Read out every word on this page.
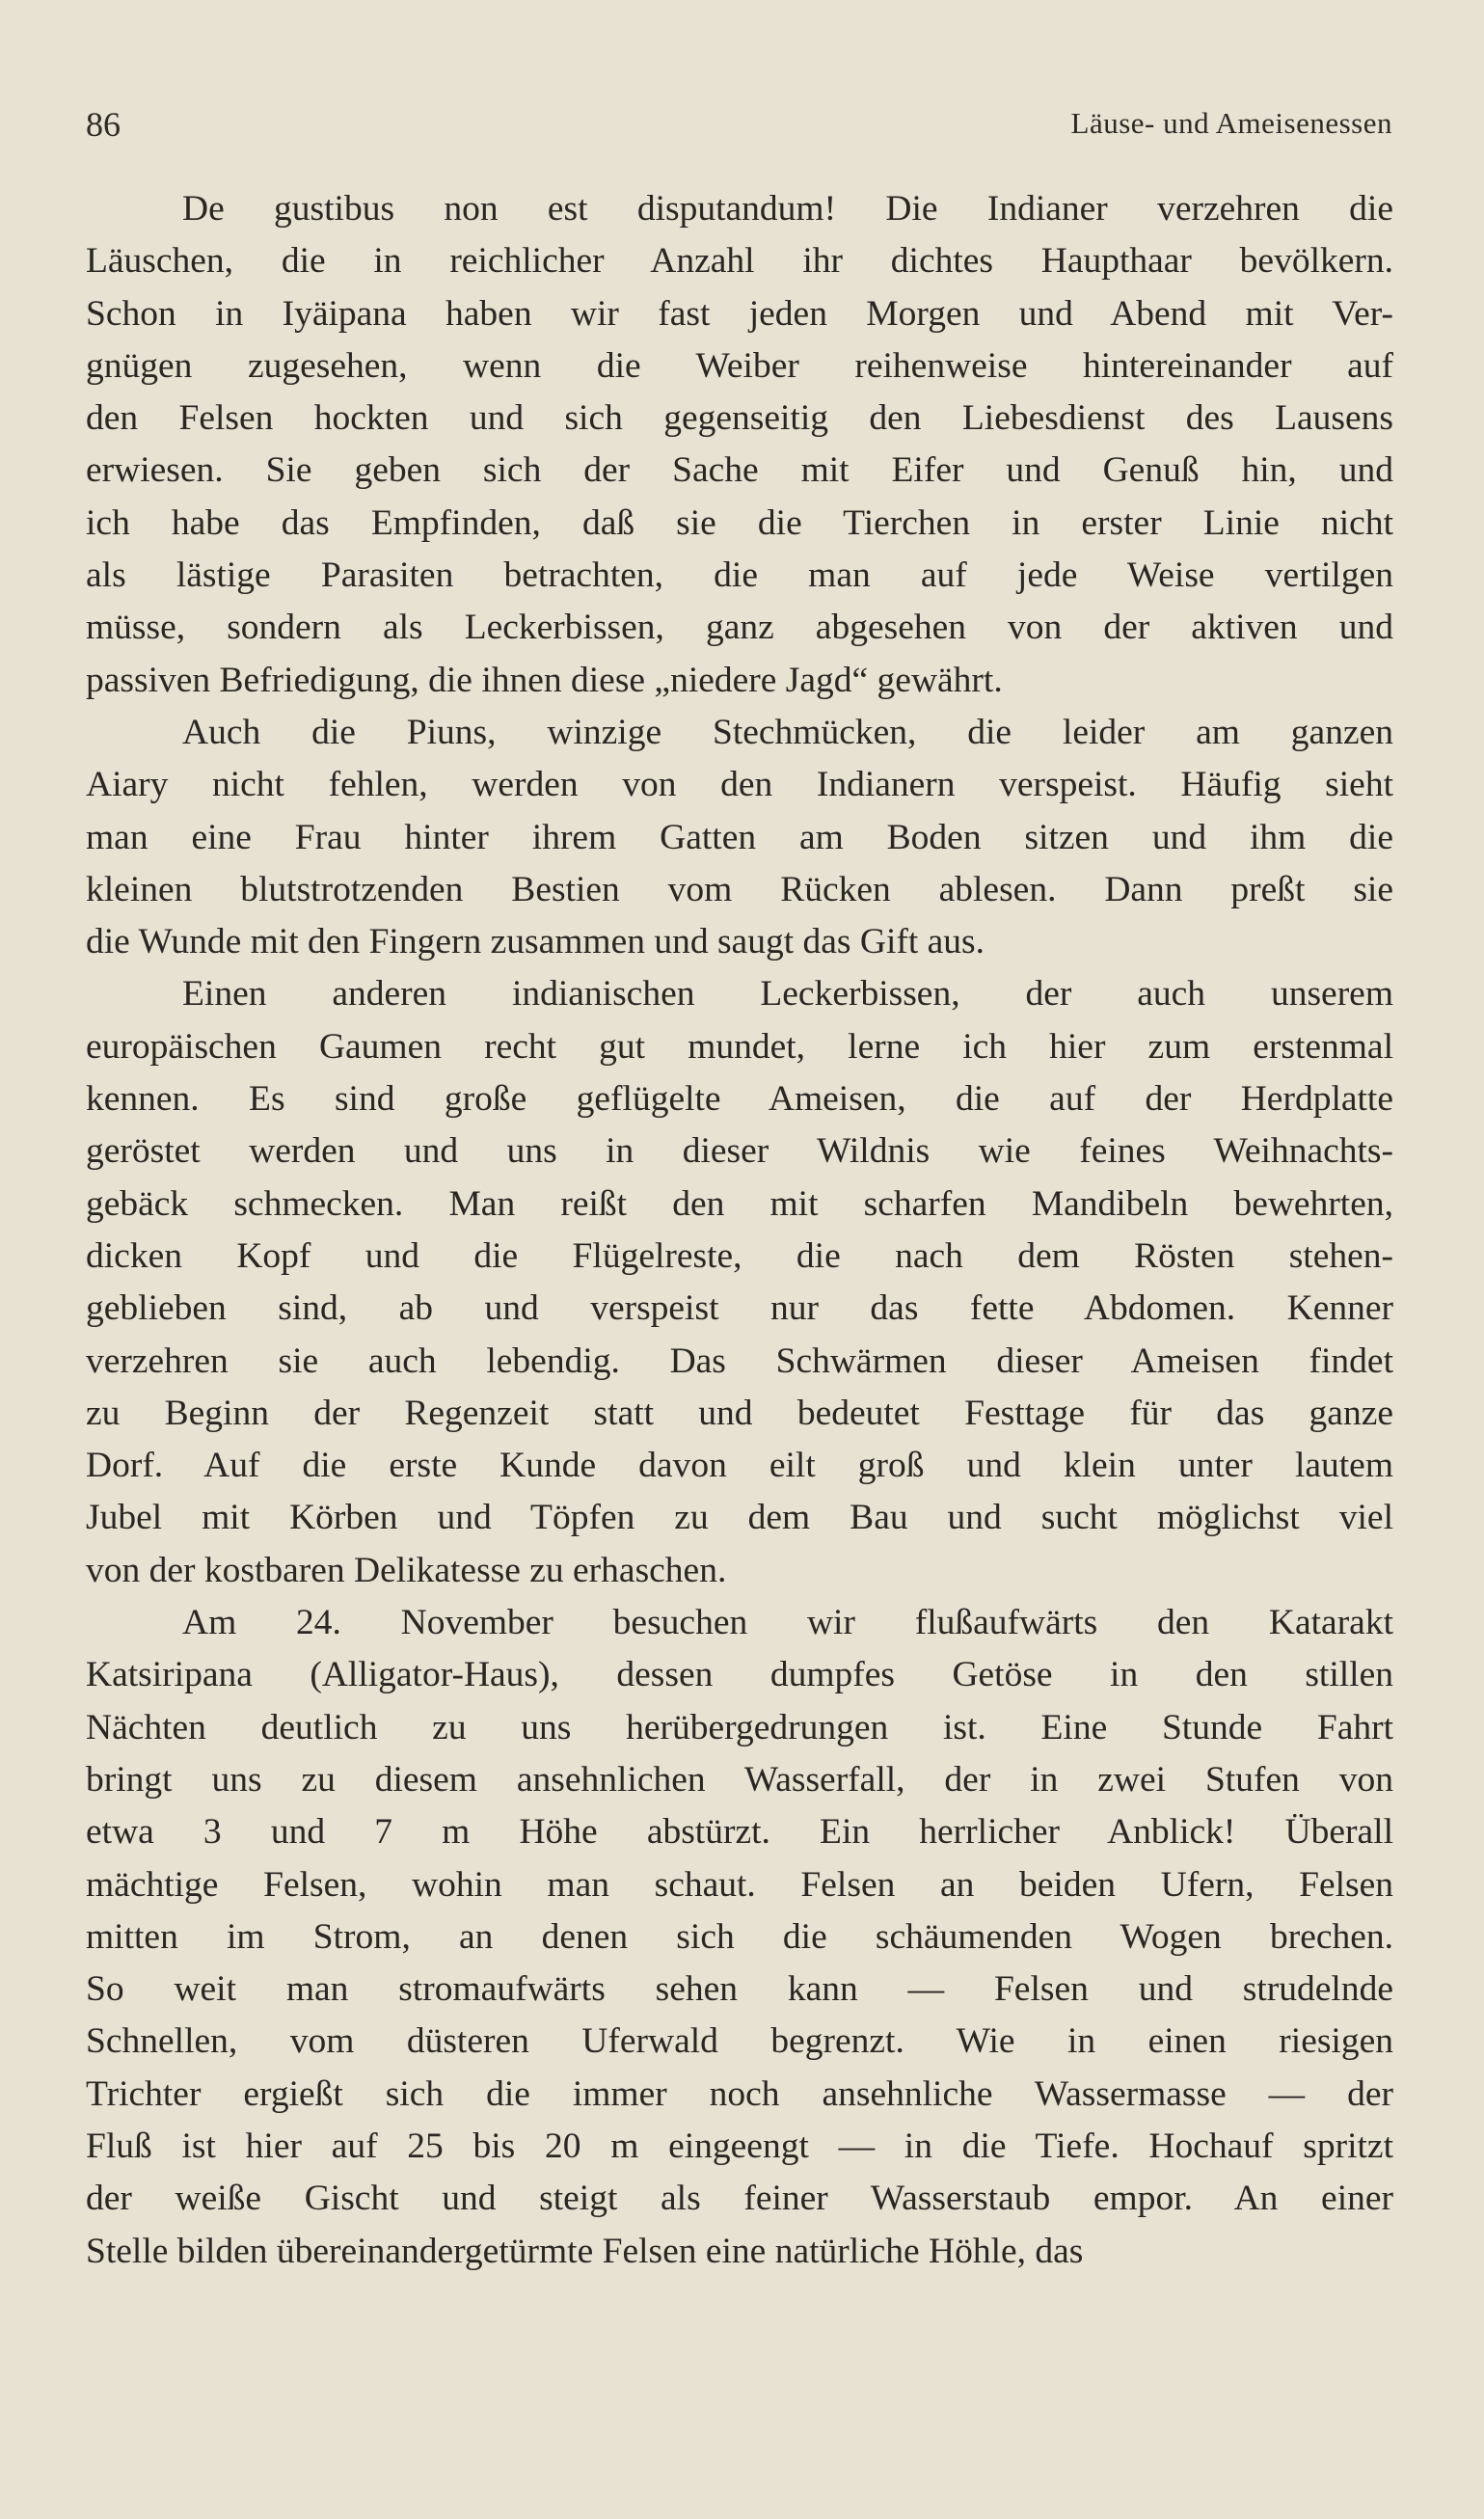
86	Läuse- und Ameisenessen
De gustibus non est disputandum! Die Indianer verzehren die
Läuschen, die in reichlicher Anzahl ihr dichtes Haupthaar bevölkern.
Schon in Iyäipana haben wir fast jeden Morgen und Abend mit Ver-
gnügen zugesehen, wenn die Weiber reihenweise hintereinander auf
den Felsen hockten und sich gegenseitig den Liebesdienst des Lausens
erwiesen. Sie geben sich der Sache mit Eifer und Genuß hin, und
ich habe das Empfinden, daß sie die Tierchen in erster Linie nicht
als lästige Parasiten betrachten, die man auf jede Weise vertilgen
müsse, sondern als Leckerbissen, ganz abgesehen von der aktiven und
passiven Befriedigung, die ihnen diese „niedere Jagd“ gewährt.
Auch die Piuns, winzige Stechmücken, die leider am ganzen
Aiary nicht fehlen, werden von den Indianern verspeist. Häufig sieht
man eine Frau hinter ihrem Gatten am Boden sitzen und ihm die
kleinen blutstrotzenden Bestien vom Rücken ablesen. Dann preßt sie
die Wunde mit den Fingern zusammen und saugt das Gift aus.
Einen anderen indianischen Leckerbissen, der auch unserem
europäischen Gaumen recht gut mundet, lerne ich hier zum erstenmal
kennen. Es sind große geflügelte Ameisen, die auf der Herdplatte
geröstet werden und uns in dieser Wildnis wie feines Weihnachts-
gebäck schmecken. Man reißt den mit scharfen Mandibeln bewehrten,
dicken Kopf und die Flügelreste, die nach dem Rösten stehen-
geblieben sind, ab und verspeist nur das fette Abdomen. Kenner
verzehren sie auch lebendig. Das Schwärmen dieser Ameisen findet
zu Beginn der Regenzeit statt und bedeutet Festtage für das ganze
Dorf. Auf die erste Kunde davon eilt groß und klein unter lautem
Jubel mit Körben und Töpfen zu dem Bau und sucht möglichst viel
von der kostbaren Delikatesse zu erhaschen.
Am 24. November besuchen wir flußaufwärts den Katarakt
Katsiripana (Alligator-Haus), dessen dumpfes Getöse in den stillen
Nächten deutlich zu uns herübergedrungen ist. Eine Stunde Fahrt
bringt uns zu diesem ansehnlichen Wasserfall, der in zwei Stufen von
etwa 3 und 7 m Höhe abstürzt. Ein herrlicher Anblick! Überall
mächtige Felsen, wohin man schaut. Felsen an beiden Ufern, Felsen
mitten im Strom, an denen sich die schäumenden Wogen brechen.
So weit man stromaufwärts sehen kann — Felsen und strudelnde
Schnellen, vom düsteren Uferwald begrenzt. Wie in einen riesigen
Trichter ergießt sich die immer noch ansehnliche Wassermasse — der
Fluß ist hier auf 25 bis 20 m eingeengt — in die Tiefe. Hochauf spritzt
der weiße Gischt und steigt als feiner Wasserstaub empor. An einer
Stelle bilden übereinandergetürmte Felsen eine natürliche Höhle, das
